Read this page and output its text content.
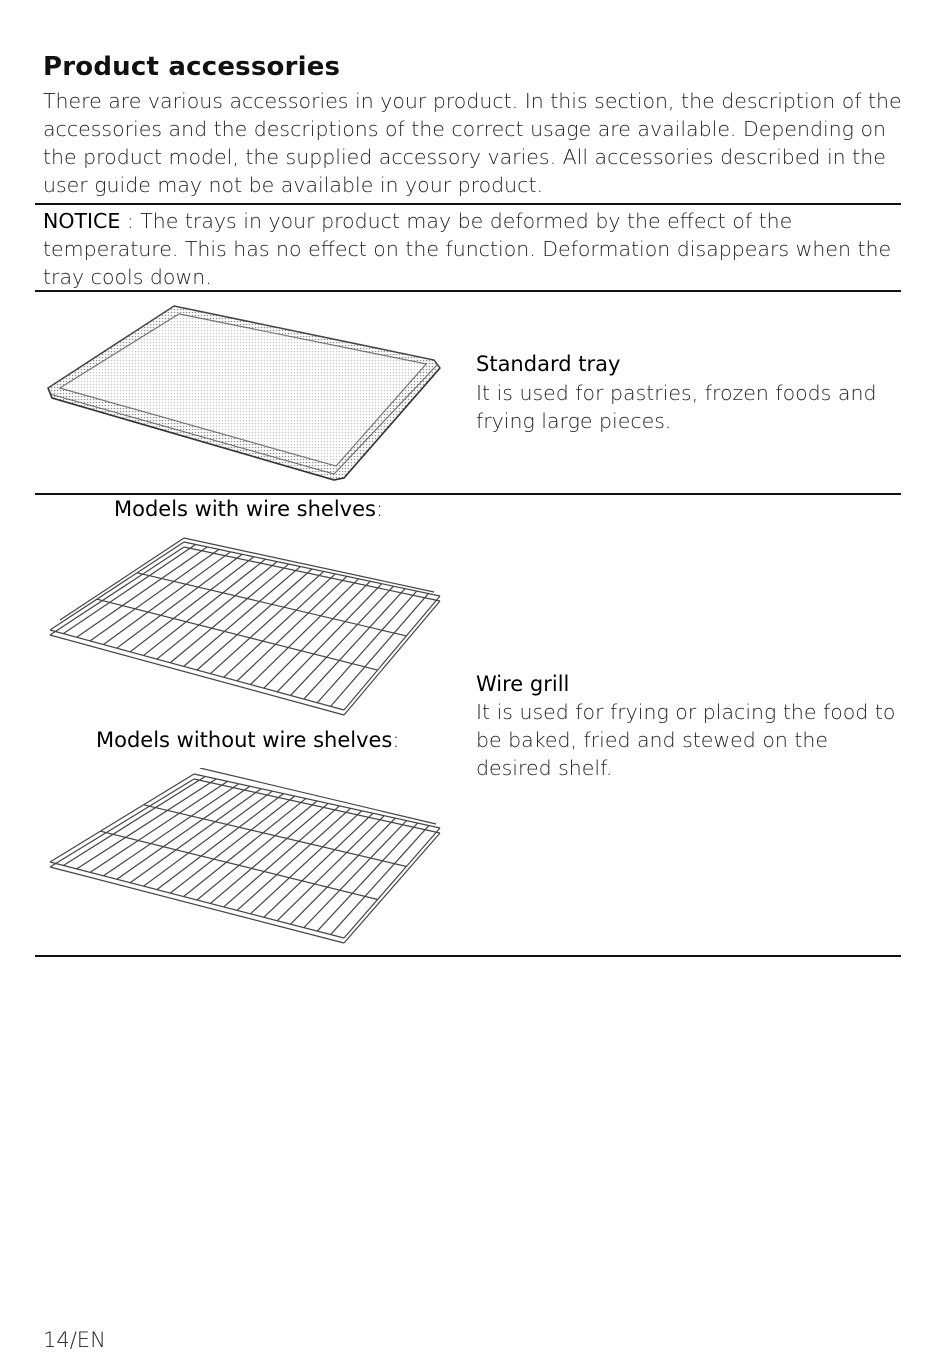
Product accessories

There are various accessories in your product. In this section, the description of the accessories and the descriptions of the correct usage are available. Depending on the product model, the supplied accessory varies. All accessories described in the user guide may not be available in your product.

NOTICE : The trays in your product may be deformed by the effect of the temperature. This has no effect on the function. Deformation disappears when the tray cools down.

Standard tray

It is used for pastries, frozen foods and frying large pieces.

Models with wire shelves:
Models without wire shelves:
Wire grill

It is used for frying or placing the food to be baked, fried and stewed on the desired shelf.

14/EN
